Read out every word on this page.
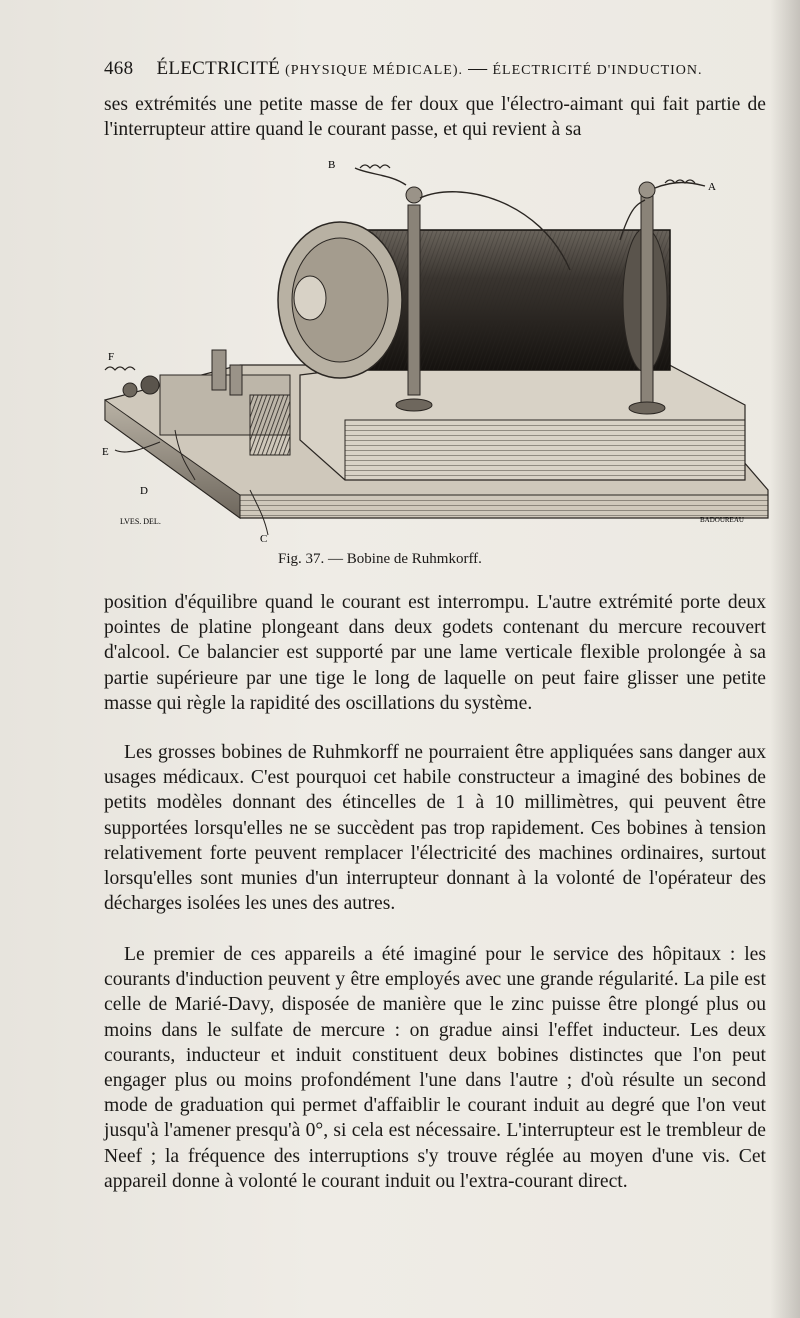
468 ÉLECTRICITÉ (PHYSIQUE MÉDICALE). — ÉLECTRICITÉ D'INDUCTION.

ses extrémités une petite masse de fer doux que l'électro-aimant qui fait partie de l'interrupteur attire quand le courant passe, et qui revient à sa

B
A
F
E
D
C
LVES. DEL.	BADOUREAU
Fig. 37. — Bobine de Ruhmkorff.

position d'équilibre quand le courant est interrompu. L'autre extrémité porte deux pointes de platine plongeant dans deux godets contenant du mercure recouvert d'alcool. Ce balancier est supporté par une lame verticale flexible prolongée à sa partie supérieure par une tige le long de laquelle on peut faire glisser une petite masse qui règle la rapidité des oscillations du système.

Les grosses bobines de Ruhmkorff ne pourraient être appliquées sans danger aux usages médicaux. C'est pourquoi cet habile constructeur a imaginé des bobines de petits modèles donnant des étincelles de 1 à 10 millimètres, qui peuvent être supportées lorsqu'elles ne se succèdent pas trop rapidement. Ces bobines à tension relativement forte peuvent remplacer l'électricité des machines ordinaires, surtout lorsqu'elles sont munies d'un interrupteur donnant à la volonté de l'opérateur des décharges isolées les unes des autres.

Le premier de ces appareils a été imaginé pour le service des hôpitaux : les courants d'induction peuvent y être employés avec une grande régularité. La pile est celle de Marié-Davy, disposée de manière que le zinc puisse être plongé plus ou moins dans le sulfate de mercure : on gradue ainsi l'effet inducteur. Les deux courants, inducteur et induit constituent deux bobines distinctes que l'on peut engager plus ou moins profondément l'une dans l'autre ; d'où résulte un second mode de graduation qui permet d'affaiblir le courant induit au degré que l'on veut jusqu'à l'amener presqu'à 0°, si cela est nécessaire. L'interrupteur est le trembleur de Neef ; la fréquence des interruptions s'y trouve réglée au moyen d'une vis. Cet appareil donne à volonté le courant induit ou l'extra-courant direct.
